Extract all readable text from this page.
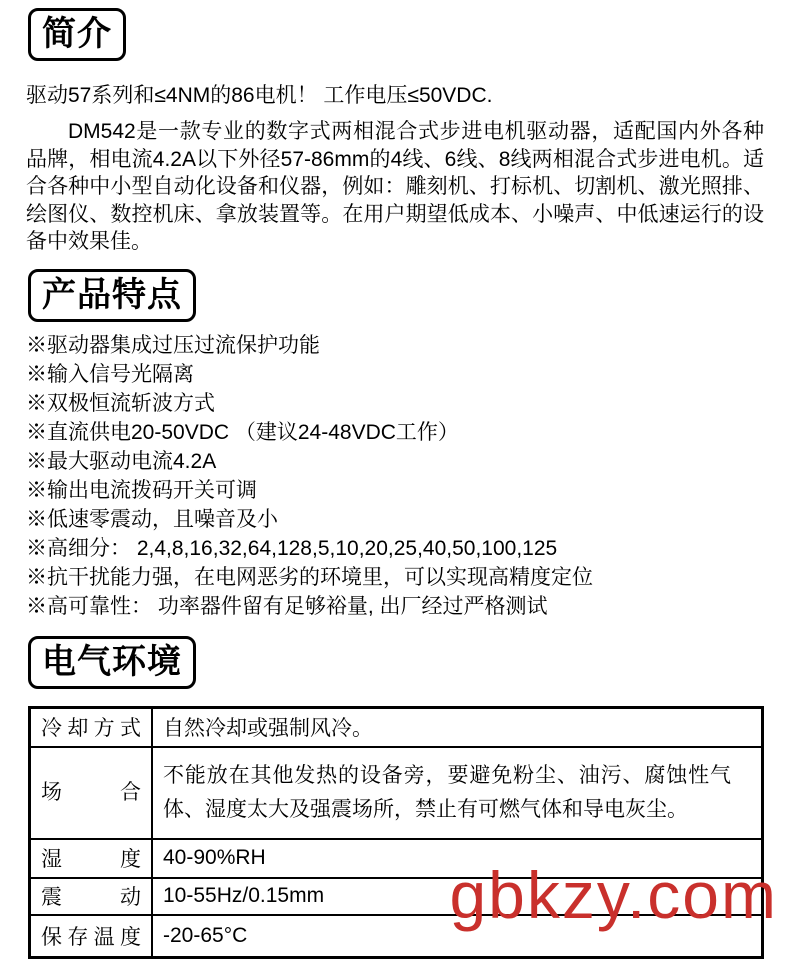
简介
驱动57系列和≤4NM的86电机！ 工作电压≤50VDC.
DM542是一款专业的数字式两相混合式步进电机驱动器，适配国内外各种品牌，相电流4.2A以下外径57-86mm的4线、6线、8线两相混合式步进电机。适合各种中小型自动化设备和仪器，例如：雕刻机、打标机、切割机、激光照排、绘图仪、数控机床、拿放装置等。在用户期望低成本、小噪声、中低速运行的设备中效果佳。
产品特点
※驱动器集成过压过流保护功能
※输入信号光隔离
※双极恒流斩波方式
※直流供电20-50VDC （建议24-48VDC工作）
※最大驱动电流4.2A
※输出电流拨码开关可调
※低速零震动，且噪音及小
※高细分： 2,4,8,16,32,64,128,5,10,20,25,40,50,100,125
※抗干扰能力强，在电网恶劣的环境里，可以实现高精度定位
※高可靠性： 功率器件留有足够裕量, 出厂经过严格测试
电气环境
冷却方式	自然冷却或强制风冷。
场合	不能放在其他发热的设备旁，要避免粉尘、油污、腐蚀性气体、湿度太大及强震场所，禁止有可燃气体和导电灰尘。
湿度	40-90%RH
震动	10-55Hz/0.15mm
保存温度	-20-65°C
gbkzy.com
